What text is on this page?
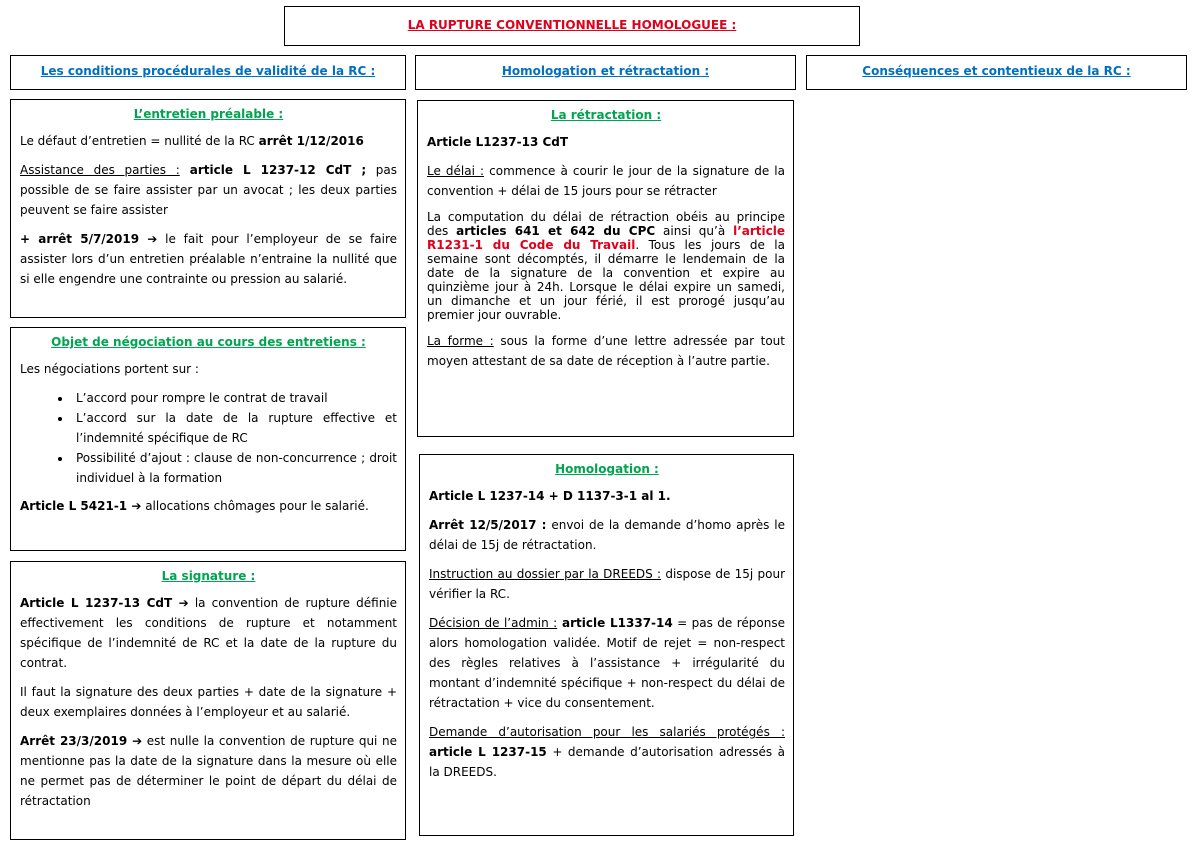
LA RUPTURE CONVENTIONNELLE HOMOLOGUEE :
Les conditions procédurales de validité de la RC :	Homologation et rétractation :	Conséquences et contentieux de la RC :
L’entretien préalable :

Le défaut d’entretien = nullité de la RC arrêt 1/12/2016

Assistance des parties : article L 1237-12 CdT ; pas possible de se faire assister par un avocat ; les deux parties peuvent se faire assister

+ arrêt 5/7/2019 ➔ le fait pour l’employeur de se faire assister lors d’un entretien préalable n’entraine la nullité que si elle engendre une contrainte ou pression au salarié.

Objet de négociation au cours des entretiens :

Les négociations portent sur :

• L’accord pour rompre le contrat de travail
• L’accord sur la date de la rupture effective et l’indemnité spécifique de RC
• Possibilité d’ajout : clause de non-concurrence ; droit individuel à la formation

Article L 5421-1 ➔ allocations chômages pour le salarié.

La signature :

Article L 1237-13 CdT ➔ la convention de rupture définie effectivement les conditions de rupture et notamment spécifique de l’indemnité de RC et la date de la rupture du contrat.

Il faut la signature des deux parties + date de la signature + deux exemplaires données à l’employeur et au salarié.

Arrêt 23/3/2019 ➔ est nulle la convention de rupture qui ne mentionne pas la date de la signature dans la mesure où elle ne permet pas de déterminer le point de départ du délai de rétractation

La rétractation :

Article L1237-13 CdT

Le délai : commence à courir le jour de la signature de la convention + délai de 15 jours pour se rétracter

La computation du délai de rétraction obéis au principe des articles 641 et 642 du CPC ainsi qu’à l’article R1231-1 du Code du Travail. Tous les jours de la semaine sont décomptés, il démarre le lendemain de la date de la signature de la convention et expire au quinzième jour à 24h. Lorsque le délai expire un samedi, un dimanche et un jour férié, il est prorogé jusqu’au premier jour ouvrable.

La forme : sous la forme d’une lettre adressée par tout moyen attestant de sa date de réception à l’autre partie.

Homologation :

Article L 1237-14 + D 1137-3-1 al 1.

Arrêt 12/5/2017 : envoi de la demande d’homo après le délai de 15j de rétractation.

Instruction au dossier par la DREEDS : dispose de 15j pour vérifier la RC.

Décision de l’admin : article L1337-14 = pas de réponse alors homologation validée. Motif de rejet = non-respect des règles relatives à l’assistance + irrégularité du montant d’indemnité spécifique + non-respect du délai de rétractation + vice du consentement.

Demande d’autorisation pour les salariés protégés : article L 1237-15 + demande d’autorisation adressés à la DREEDS.
